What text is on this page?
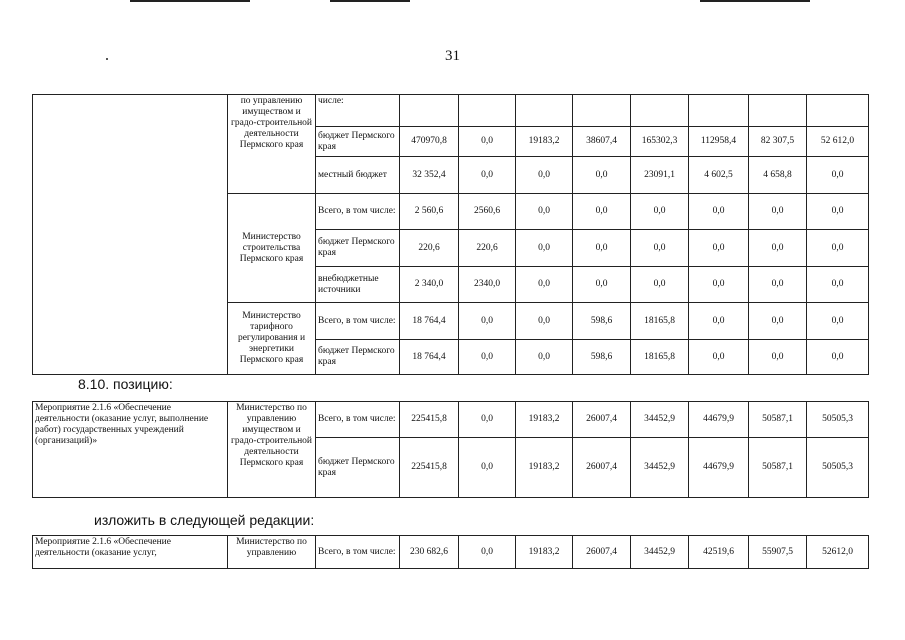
31
	по управлению имуществом и градо-строительной деятельности Пермского края	числе:								
		бюджет Пермского края	470970,8	0,0	19183,2	38607,4	165302,3	112958,4	82 307,5	52 612,0
		местный бюджет	32 352,4	0,0	0,0	0,0	23091,1	4 602,5	4 658,8	0,0
	Министерство строительства Пермского края	Всего, в том числе:	2 560,6	2560,6	0,0	0,0	0,0	0,0	0,0	0,0
		бюджет Пермского края	220,6	220,6	0,0	0,0	0,0	0,0	0,0	0,0
		внебюджетные источники	2 340,0	2340,0	0,0	0,0	0,0	0,0	0,0	0,0
	Министерство тарифного регулирования и энергетики Пермского края	Всего, в том числе:	18 764,4	0,0	0,0	598,6	18165,8	0,0	0,0	0,0
		бюджет Пермского края	18 764,4	0,0	0,0	598,6	18165,8	0,0	0,0	0,0
8.10. позицию:
Мероприятие 2.1.6 «Обеспечение деятельности (оказание услуг, выполнение работ) государственных учреждений (организаций)»	Министерство по управлению имуществом и градо-строительной деятельности Пермского края	Всего, в том числе:	225415,8	0,0	19183,2	26007,4	34452,9	44679,9	50587,1	50505,3
		бюджет Пермского края	225415,8	0,0	19183,2	26007,4	34452,9	44679,9	50587,1	50505,3
изложить в следующей редакции:
Мероприятие 2.1.6 «Обеспечение деятельности (оказание услуг,	Министерство по управлению	Всего, в том числе:	230 682,6	0,0	19183,2	26007,4	34452,9	42519,6	55907,5	52612,0
